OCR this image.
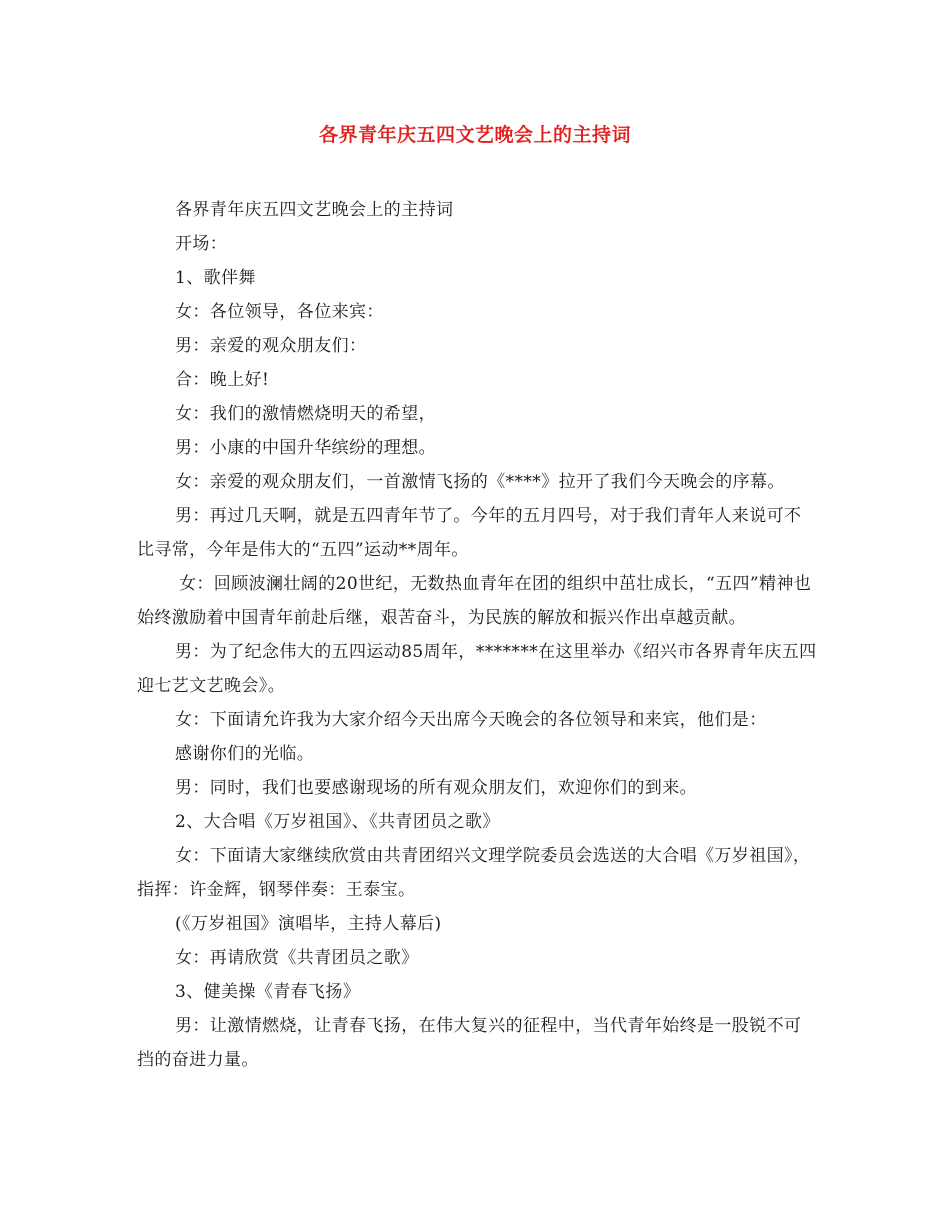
各界青年庆五四文艺晚会上的主持词

各界青年庆五四文艺晚会上的主持词

开场：

1、歌伴舞

女：各位领导，各位来宾：

男：亲爱的观众朋友们：

合：晚上好!

女：我们的激情燃烧明天的希望，

男：小康的中国升华缤纷的理想。

女：亲爱的观众朋友们，一首激情飞扬的《****》拉开了我们今天晚会的序幕。

男：再过几天啊，就是五四青年节了。今年的五月四号，对于我们青年人来说可不比寻常，今年是伟大的“五四”运动**周年。

女：回顾波澜壮阔的20世纪，无数热血青年在团的组织中茁壮成长，“五四”精神也始终激励着中国青年前赴后继，艰苦奋斗，为民族的解放和振兴作出卓越贡献。

男：为了纪念伟大的五四运动85周年，*******在这里举办《绍兴市各界青年庆五四迎七艺文艺晚会》。

女：下面请允许我为大家介绍今天出席今天晚会的各位领导和来宾，他们是：

感谢你们的光临。

男：同时，我们也要感谢现场的所有观众朋友们，欢迎你们的到来。

2、大合唱《万岁祖国》、《共青团员之歌》

女：下面请大家继续欣赏由共青团绍兴文理学院委员会选送的大合唱《万岁祖国》，指挥：许金辉，钢琴伴奏：王泰宝。

(《万岁祖国》演唱毕，主持人幕后)

女：再请欣赏《共青团员之歌》

3、健美操《青春飞扬》

男：让激情燃烧，让青春飞扬，在伟大复兴的征程中，当代青年始终是一股锐不可挡的奋进力量。
